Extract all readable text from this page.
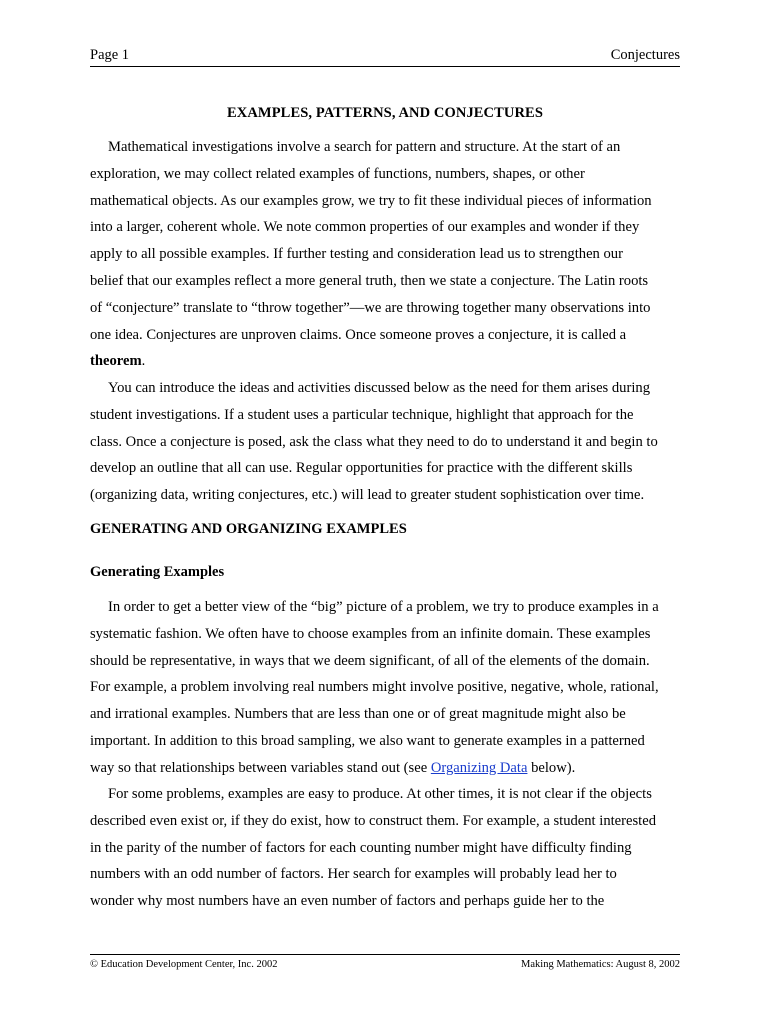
Page 1	Conjectures
EXAMPLES, PATTERNS, AND CONJECTURES
Mathematical investigations involve a search for pattern and structure. At the start of an
exploration, we may collect related examples of functions, numbers, shapes, or other
mathematical objects. As our examples grow, we try to fit these individual pieces of information
into a larger, coherent whole. We note common properties of our examples and wonder if they
apply to all possible examples. If further testing and consideration lead us to strengthen our
belief that our examples reflect a more general truth, then we state a conjecture. The Latin roots
of “conjecture” translate to “throw together”—we are throwing together many observations into
one idea. Conjectures are unproven claims. Once someone proves a conjecture, it is called a
theorem.
You can introduce the ideas and activities discussed below as the need for them arises during
student investigations. If a student uses a particular technique, highlight that approach for the
class. Once a conjecture is posed, ask the class what they need to do to understand it and begin to
develop an outline that all can use. Regular opportunities for practice with the different skills
(organizing data, writing conjectures, etc.) will lead to greater student sophistication over time.
GENERATING AND ORGANIZING EXAMPLES
Generating Examples
In order to get a better view of the “big” picture of a problem, we try to produce examples in a
systematic fashion. We often have to choose examples from an infinite domain. These examples
should be representative, in ways that we deem significant, of all of the elements of the domain.
For example, a problem involving real numbers might involve positive, negative, whole, rational,
and irrational examples. Numbers that are less than one or of great magnitude might also be
important. In addition to this broad sampling, we also want to generate examples in a patterned
way so that relationships between variables stand out (see Organizing Data below).
For some problems, examples are easy to produce. At other times, it is not clear if the objects
described even exist or, if they do exist, how to construct them. For example, a student interested
in the parity of the number of factors for each counting number might have difficulty finding
numbers with an odd number of factors. Her search for examples will probably lead her to
wonder why most numbers have an even number of factors and perhaps guide her to the
© Education Development Center, Inc. 2002	Making Mathematics: August 8, 2002
